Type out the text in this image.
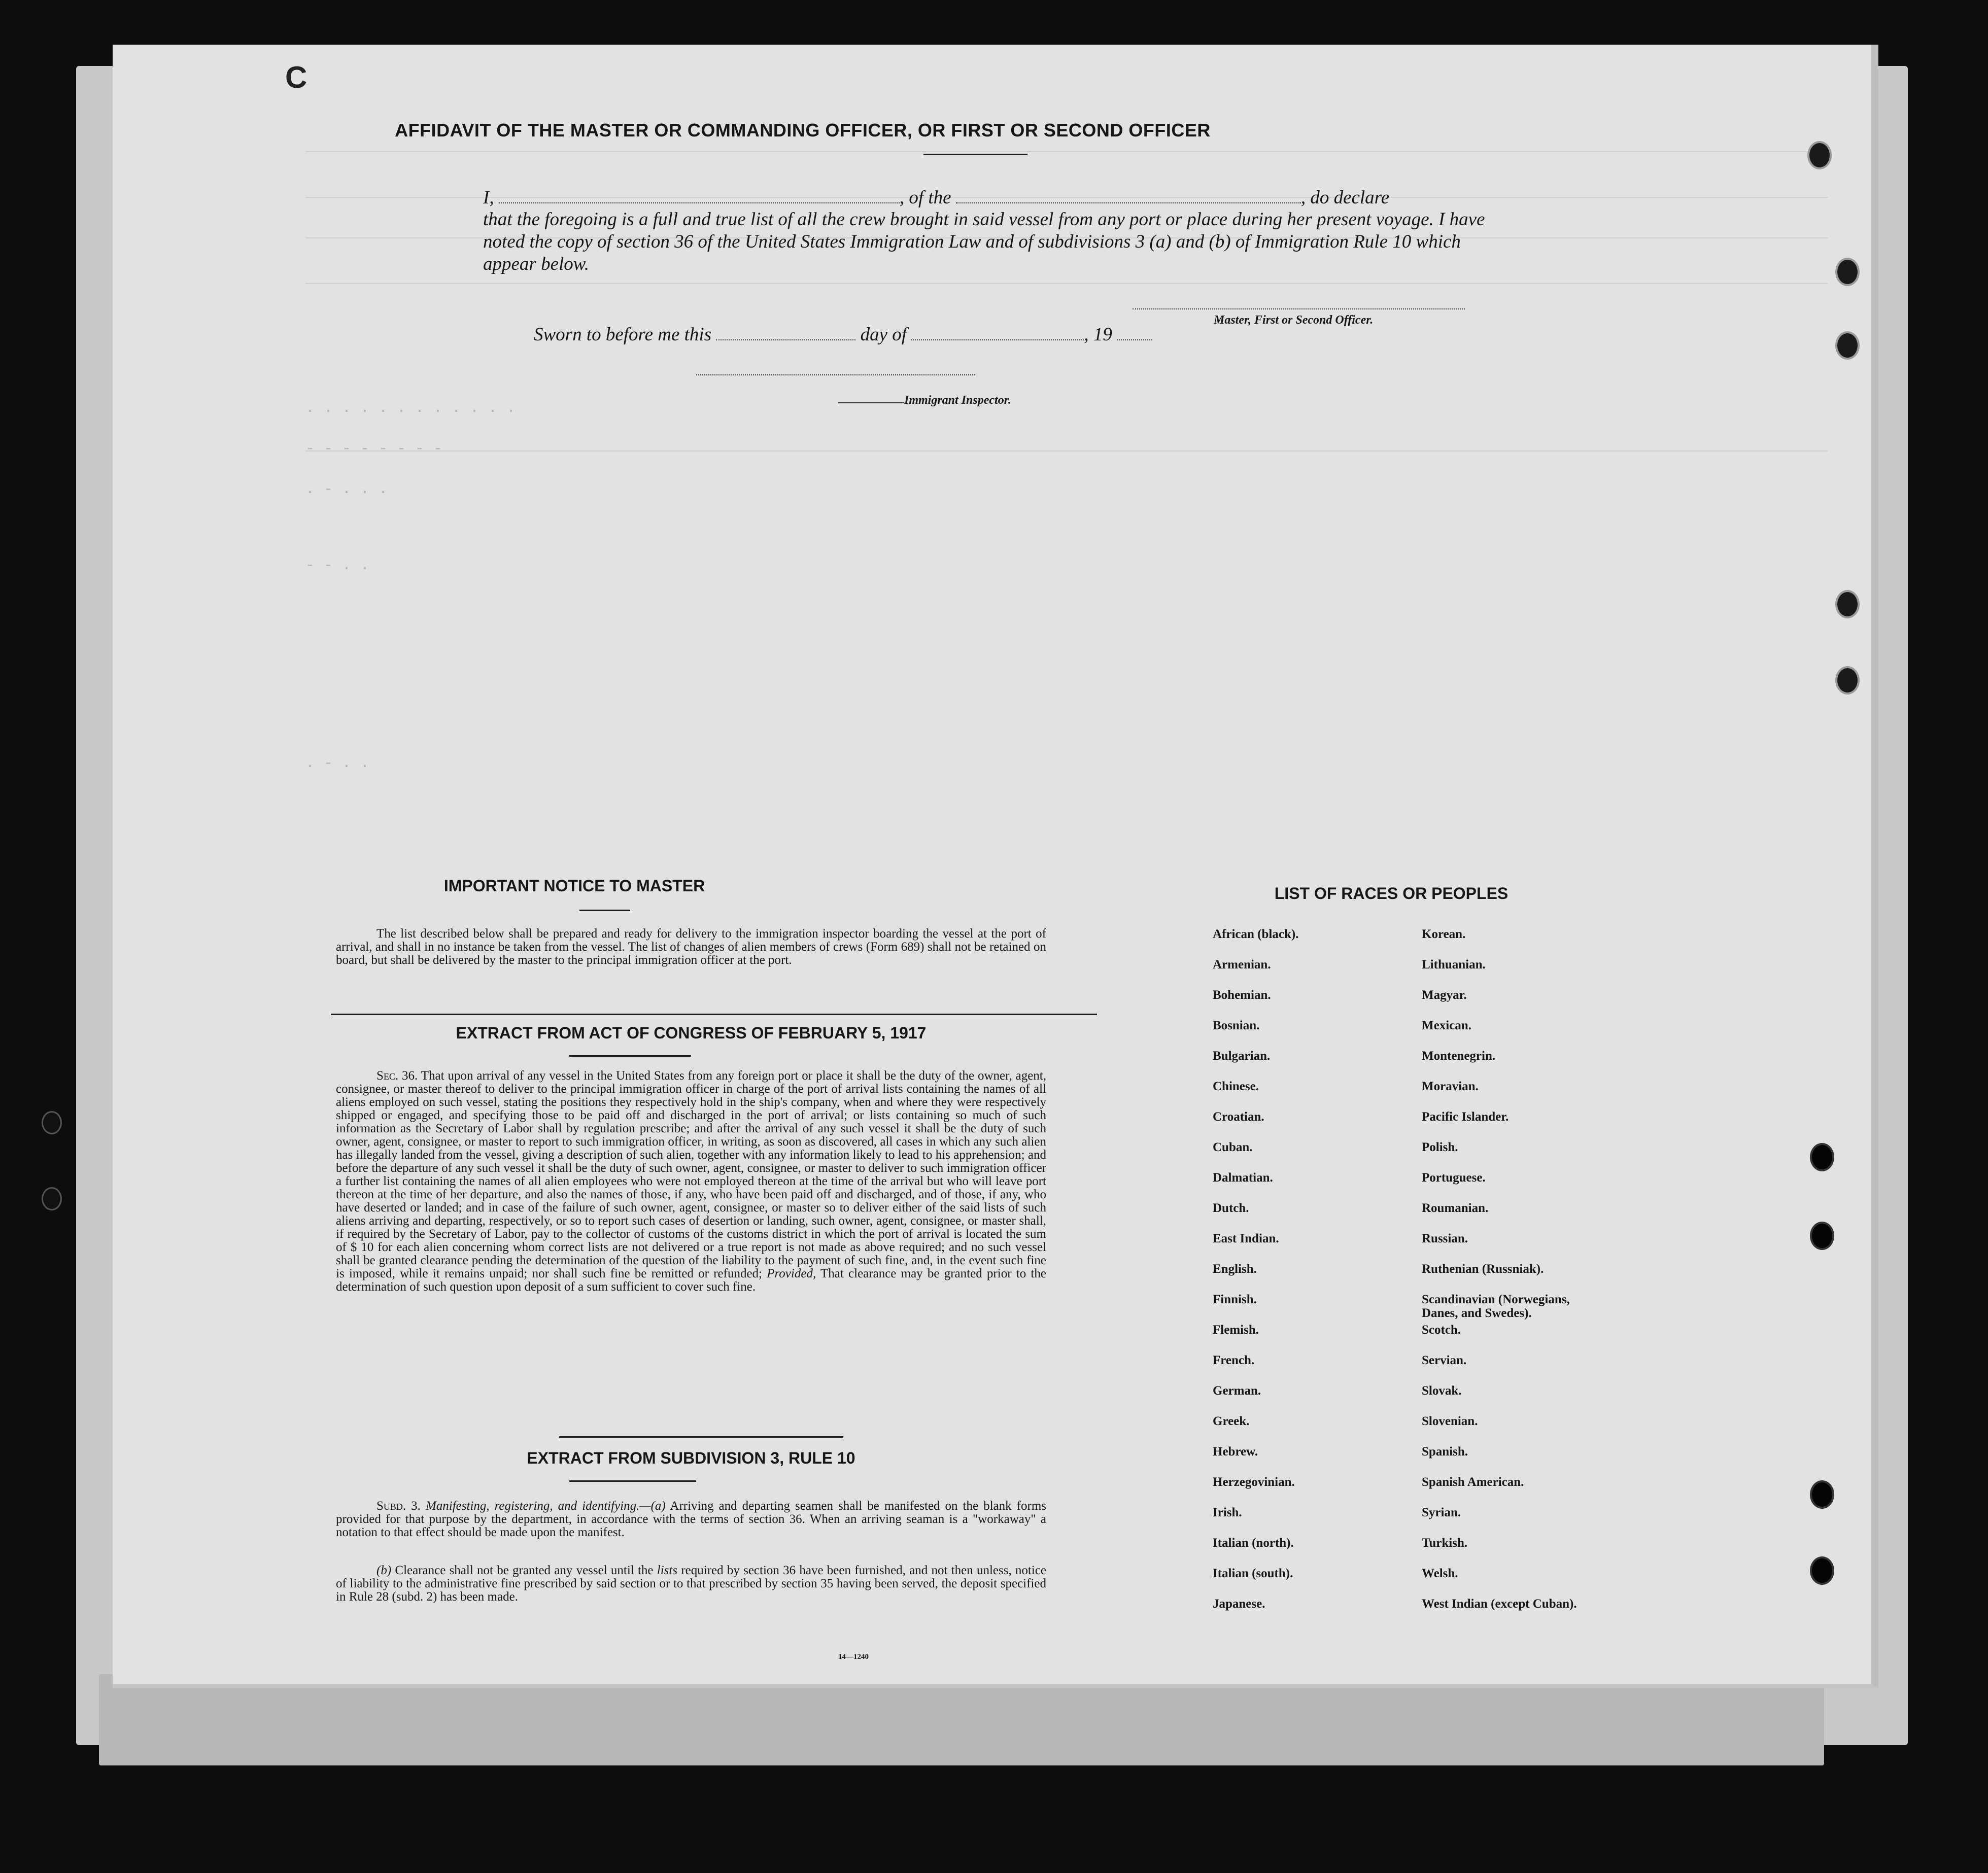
. . . . . . . . . . . .
- - - - - - - -
. - . . .
- - . .
. - . .
C
AFFIDAVIT OF THE MASTER OR COMMANDING OFFICER, OR FIRST OR SECOND OFFICER
I,	, of the	, do declare
that the foregoing is a full and true list of all the crew brought in said vessel from any port or place during her present voyage. I have noted the copy of section 36 of the United States Immigration Law and of subdivisions 3 (a) and (b) of Immigration Rule 10 which appear below.
Master, First or Second Officer.
Sworn to before me this	day of	, 19
Immigrant Inspector.
IMPORTANT NOTICE TO MASTER
The list described below shall be prepared and ready for delivery to the immigration inspector boarding the vessel at the port of arrival, and shall in no instance be taken from the vessel. The list of changes of alien members of crews (Form 689) shall not be retained on board, but shall be delivered by the master to the principal immigration officer at the port.
EXTRACT FROM ACT OF CONGRESS OF FEBRUARY 5, 1917
Sec. 36. That upon arrival of any vessel in the United States from any foreign port or place it shall be the duty of the owner, agent, consignee, or master thereof to deliver to the principal immigration officer in charge of the port of arrival lists containing the names of all aliens employed on such vessel, stating the positions they respectively hold in the ship's company, when and where they were respectively shipped or engaged, and specifying those to be paid off and discharged in the port of arrival; or lists containing so much of such information as the Secretary of Labor shall by regulation prescribe; and after the arrival of any such vessel it shall be the duty of such owner, agent, consignee, or master to report to such immigration officer, in writing, as soon as discovered, all cases in which any such alien has illegally landed from the vessel, giving a description of such alien, together with any information likely to lead to his apprehension; and before the departure of any such vessel it shall be the duty of such owner, agent, consignee, or master to deliver to such immigration officer a further list containing the names of all alien employees who were not employed thereon at the time of the arrival but who will leave port thereon at the time of her departure, and also the names of those, if any, who have been paid off and discharged, and of those, if any, who have deserted or landed; and in case of the failure of such owner, agent, consignee, or master so to deliver either of the said lists of such aliens arriving and departing, respectively, or so to report such cases of desertion or landing, such owner, agent, consignee, or master shall, if required by the Secretary of Labor, pay to the collector of customs of the customs district in which the port of arrival is located the sum of $ 10 for each alien concerning whom correct lists are not delivered or a true report is not made as above required; and no such vessel shall be granted clearance pending the determination of the question of the liability to the payment of such fine, and, in the event such fine is imposed, while it remains unpaid; nor shall such fine be remitted or refunded; Provided, That clearance may be granted prior to the determination of such question upon deposit of a sum sufficient to cover such fine.
EXTRACT FROM SUBDIVISION 3, RULE 10
Subd. 3. Manifesting, registering, and identifying.—(a) Arriving and departing seamen shall be manifested on the blank forms provided for that purpose by the department, in accordance with the terms of section 36. When an arriving seaman is a "workaway" a notation to that effect should be made upon the manifest.
(b) Clearance shall not be granted any vessel until the lists required by section 36 have been furnished, and not then unless, notice of liability to the administrative fine prescribed by said section or to that prescribed by section 35 having been served, the deposit specified in Rule 28 (subd. 2) has been made.
14—1240
LIST OF RACES OR PEOPLES
African (black).	Korean.
Armenian.	Lithuanian.
Bohemian.	Magyar.
Bosnian.	Mexican.
Bulgarian.	Montenegrin.
Chinese.	Moravian.
Croatian.	Pacific Islander.
Cuban.	Polish.
Dalmatian.	Portuguese.
Dutch.	Roumanian.
East Indian.	Russian.
English.	Ruthenian (Russniak).
Finnish.	Scandinavian (Norwegians, Danes, and Swedes).
Flemish.	Scotch.
French.	Servian.
German.	Slovak.
Greek.	Slovenian.
Hebrew.	Spanish.
Herzegovinian.	Spanish American.
Irish.	Syrian.
Italian (north).	Turkish.
Italian (south).	Welsh.
Japanese.	West Indian (except Cuban).
